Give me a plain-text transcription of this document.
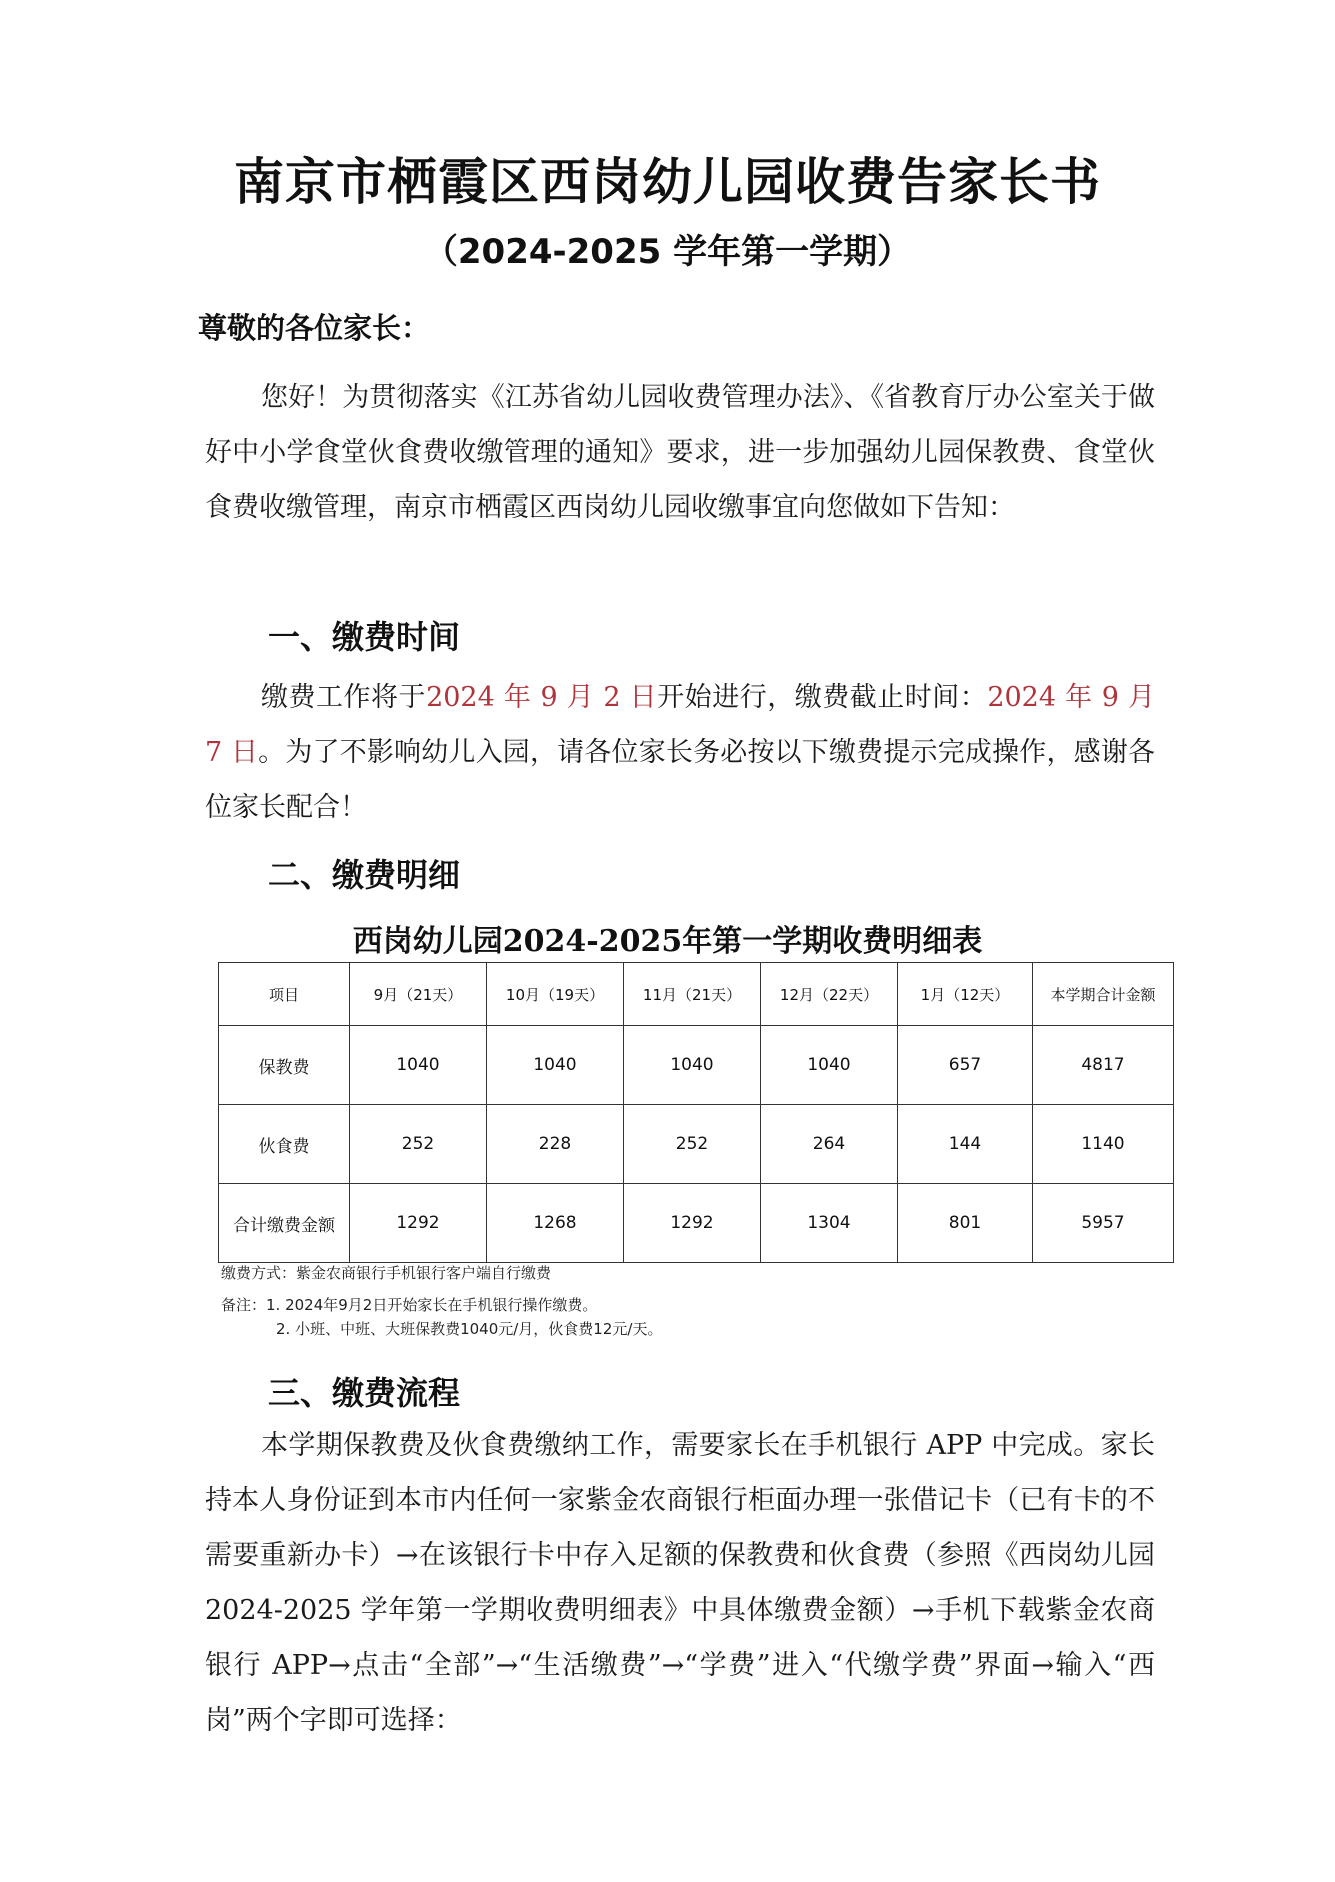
南京市栖霞区西岗幼儿园收费告家长书
（2024-2025 学年第一学期）
尊敬的各位家长：
您好！为贯彻落实《江苏省幼儿园收费管理办法》、《省教育厅办公室关于做好中小学食堂伙食费收缴管理的通知》要求，进一步加强幼儿园保教费、食堂伙食费收缴管理，南京市栖霞区西岗幼儿园收缴事宜向您做如下告知：
一、缴费时间
缴费工作将于2024 年 9 月 2 日开始进行，缴费截止时间：2024 年 9 月 7 日。为了不影响幼儿入园，请各位家长务必按以下缴费提示完成操作，感谢各位家长配合！
二、缴费明细
西岗幼儿园2024-2025年第一学期收费明细表
项目	9月（21天）	10月（19天）	11月（21天）	12月（22天）	1月（12天）	本学期合计金额
保教费	1040	1040	1040	1040	657	4817
伙食费	252	228	252	264	144	1140
合计缴费金额	1292	1268	1292	1304	801	5957
缴费方式：紫金农商银行手机银行客户端自行缴费
备注：1. 2024年9月2日开始家长在手机银行操作缴费。
2. 小班、中班、大班保教费1040元/月，伙食费12元/天。
三、缴费流程
本学期保教费及伙食费缴纳工作，需要家长在手机银行 APP 中完成。家长持本人身份证到本市内任何一家紫金农商银行柜面办理一张借记卡（已有卡的不需要重新办卡）→在该银行卡中存入足额的保教费和伙食费（参照《西岗幼儿园2024-2025 学年第一学期收费明细表》中具体缴费金额）→手机下载紫金农商银行 APP→点击“全部”→“生活缴费”→“学费”进入“代缴学费”界面→输入“西岗”两个字即可选择：
